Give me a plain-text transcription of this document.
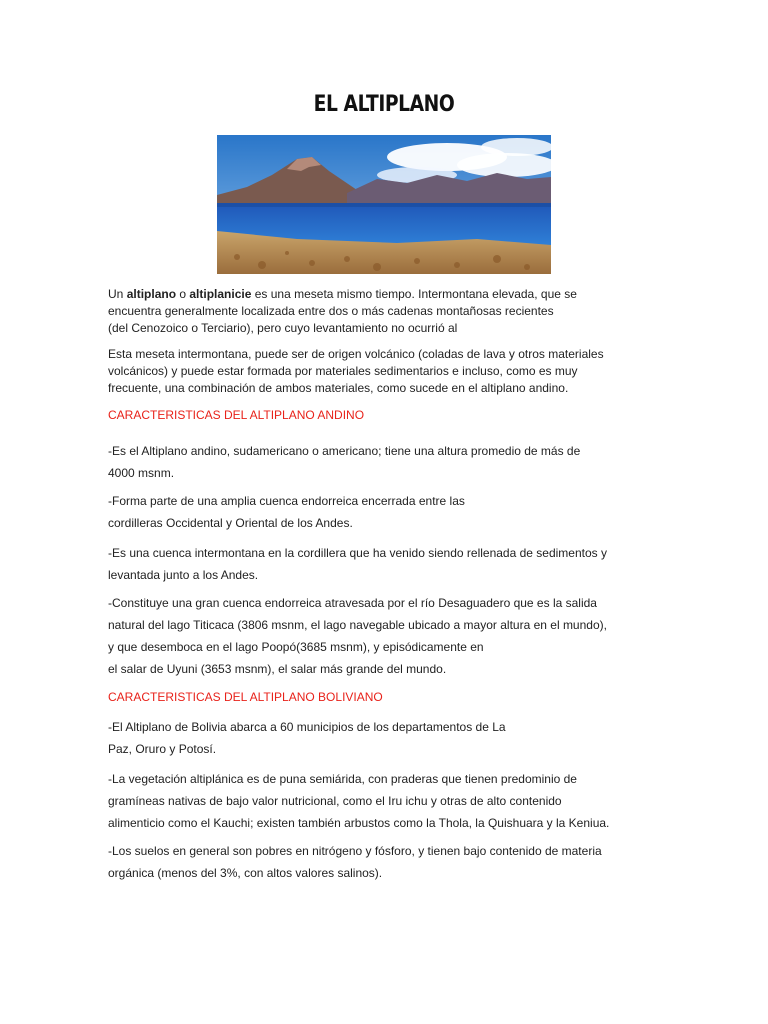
EL ALTIPLANO
Un altiplano o altiplanicie es una meseta mismo tiempo. Intermontana elevada, que se
encuentra generalmente localizada entre dos o más cadenas montañosas recientes
(del Cenozoico o Terciario), pero cuyo levantamiento no ocurrió al
Esta meseta intermontana, puede ser de origen volcánico (coladas de lava y otros materiales
volcánicos) y puede estar formada por materiales sedimentarios e incluso, como es muy
frecuente, una combinación de ambos materiales, como sucede en el altiplano andino.
CARACTERISTICAS DEL ALTIPLANO ANDINO
-Es el Altiplano andino, sudamericano o americano; tiene una altura promedio de más de
4000 msnm.
-Forma parte de una amplia cuenca endorreica encerrada entre las
cordilleras Occidental y Oriental de los Andes.
-Es una cuenca intermontana en la cordillera que ha venido siendo rellenada de sedimentos y
levantada junto a los Andes.
-Constituye una gran cuenca endorreica atravesada por el río Desaguadero que es la salida
natural del lago Titicaca (3806 msnm, el lago navegable ubicado a mayor altura en el mundo),
y que desemboca en el lago Poopó(3685 msnm), y episódicamente en
el salar de Uyuni (3653 msnm), el salar más grande del mundo.
CARACTERISTICAS DEL ALTIPLANO BOLIVIANO
-El Altiplano de Bolivia abarca a 60 municipios de los departamentos de La
Paz, Oruro y Potosí.
-La vegetación altiplánica es de puna semiárida, con praderas que tienen predominio de
gramíneas nativas de bajo valor nutricional, como el Iru ichu y otras de alto contenido
alimenticio como el Kauchi; existen también arbustos como la Thola, la Quishuara y la Keniua.
-Los suelos en general son pobres en nitrógeno y fósforo, y tienen bajo contenido de materia
orgánica (menos del 3%, con altos valores salinos).
